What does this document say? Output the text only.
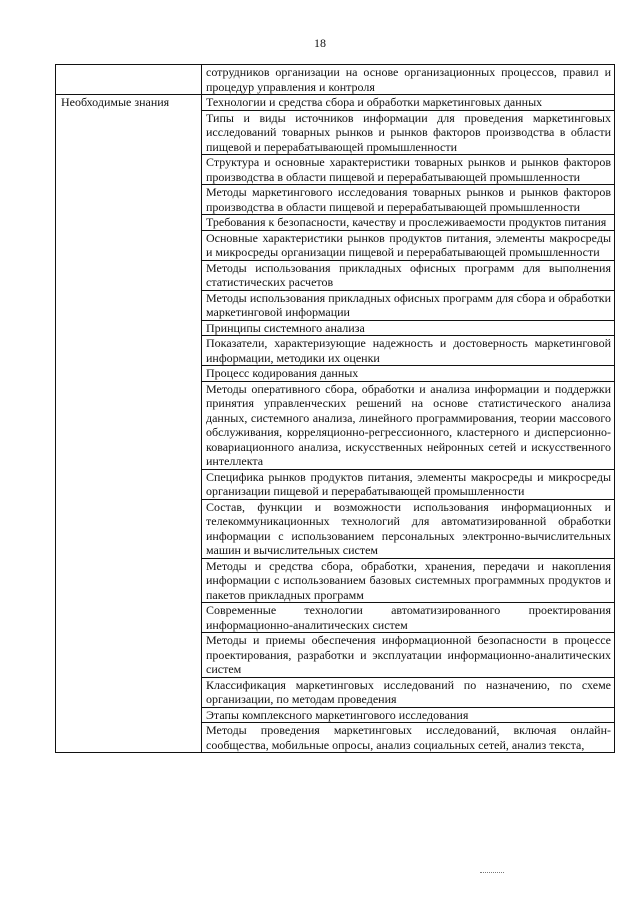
18
	сотрудников организации на основе организационных процессов, правил и процедур управления и контроля
Необходимые знания	Технологии и средства сбора и обработки маркетинговых данных
	Типы и виды источников информации для проведения маркетинговых исследований товарных рынков и рынков факторов производства в области пищевой и перерабатывающей промышленности
	Структура и основные характеристики товарных рынков и рынков факторов производства в области пищевой и перерабатывающей промышленности
	Методы маркетингового исследования товарных рынков и рынков факторов производства в области пищевой и перерабатывающей промышленности
	Требования к безопасности, качеству и прослеживаемости продуктов питания
	Основные характеристики рынков продуктов питания, элементы макросреды и микросреды организации пищевой и перерабатывающей промышленности
	Методы использования прикладных офисных программ для выполнения статистических расчетов
	Методы использования прикладных офисных программ для сбора и обработки маркетинговой информации
	Принципы системного анализа
	Показатели, характеризующие надежность и достоверность маркетинговой информации, методики их оценки
	Процесс кодирования данных
	Методы оперативного сбора, обработки и анализа информации и поддержки принятия управленческих решений на основе статистического анализа данных, системного анализа, линейного программирования, теории массового обслуживания, корреляционно-регрессионного, кластерного и дисперсионно-ковариационного анализа, искусственных нейронных сетей и искусственного интеллекта
	Специфика рынков продуктов питания, элементы макросреды и микросреды организации пищевой и перерабатывающей промышленности
	Состав, функции и возможности использования информационных и телекоммуникационных технологий для автоматизированной обработки информации с использованием персональных электронно-вычислительных машин и вычислительных систем
	Методы и средства сбора, обработки, хранения, передачи и накопления информации с использованием базовых системных программных продуктов и пакетов прикладных программ
	Современные технологии автоматизированного проектирования информационно-аналитических систем
	Методы и приемы обеспечения информационной безопасности в процессе проектирования, разработки и эксплуатации информационно-аналитических систем
	Классификация маркетинговых исследований по назначению, по схеме организации, по методам проведения
	Этапы комплексного маркетингового исследования
	Методы проведения маркетинговых исследований, включая онлайн-сообщества, мобильные опросы, анализ социальных сетей, анализ текста,
